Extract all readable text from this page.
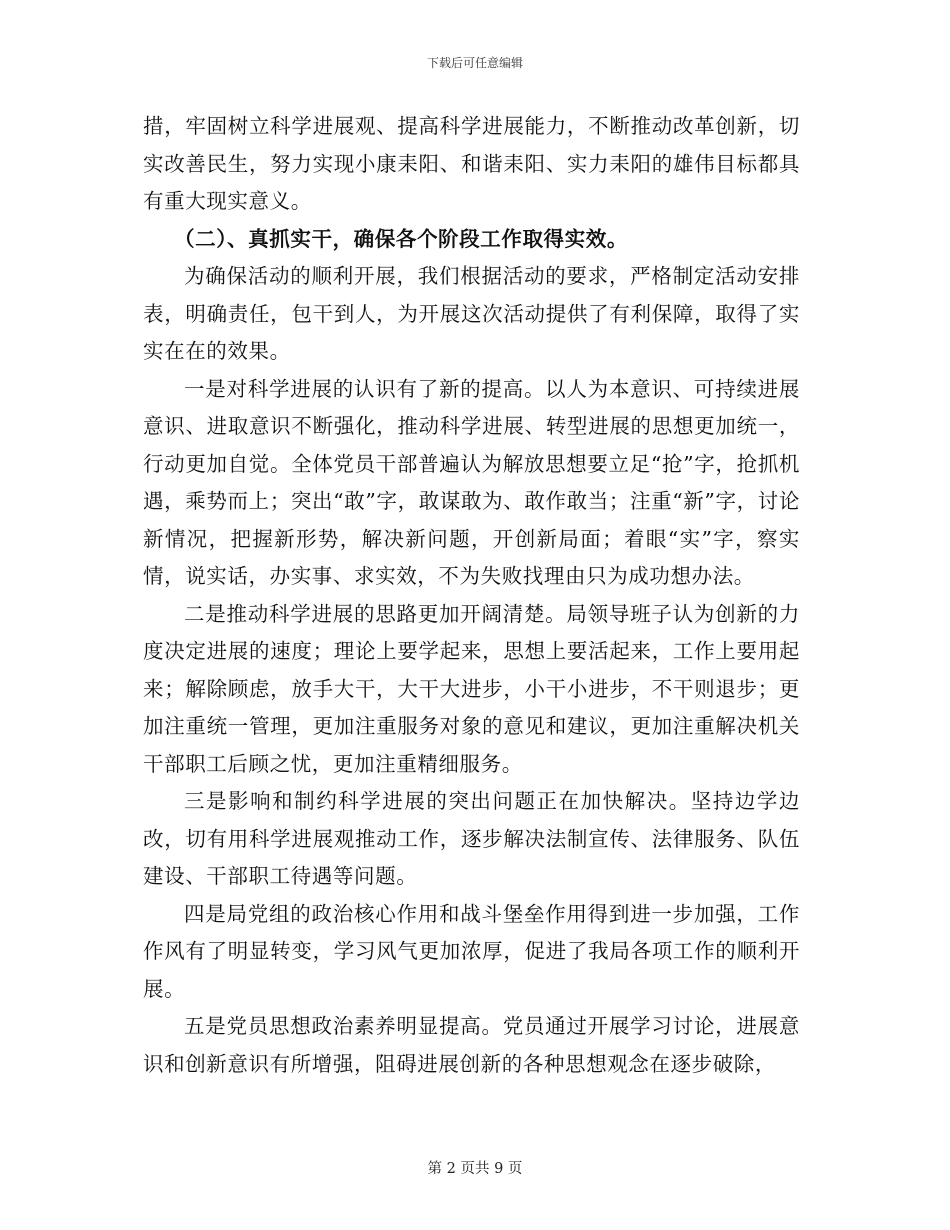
下载后可任意编辑

措，牢固树立科学进展观、提高科学进展能力，不断推动改革创新，切实改善民生，努力实现小康耒阳、和谐耒阳、实力耒阳的雄伟目标都具有重大现实意义。

（二）、真抓实干，确保各个阶段工作取得实效。

为确保活动的顺利开展，我们根据活动的要求，严格制定活动安排表，明确责任，包干到人，为开展这次活动提供了有利保障，取得了实实在在的效果。

一是对科学进展的认识有了新的提高。以人为本意识、可持续进展意识、进取意识不断强化，推动科学进展、转型进展的思想更加统一，行动更加自觉。全体党员干部普遍认为解放思想要立足“抢”字，抢抓机遇，乘势而上；突出“敢”字，敢谋敢为、敢作敢当；注重“新”字，讨论新情况，把握新形势，解决新问题，开创新局面；着眼“实”字，察实情，说实话，办实事、求实效，不为失败找理由只为成功想办法。

二是推动科学进展的思路更加开阔清楚。局领导班子认为创新的力度决定进展的速度；理论上要学起来，思想上要活起来，工作上要用起来；解除顾虑，放手大干，大干大进步，小干小进步，不干则退步；更加注重统一管理，更加注重服务对象的意见和建议，更加注重解决机关干部职工后顾之忧，更加注重精细服务。

三是影响和制约科学进展的突出问题正在加快解决。坚持边学边改，切有用科学进展观推动工作，逐步解决法制宣传、法律服务、队伍建设、干部职工待遇等问题。

四是局党组的政治核心作用和战斗堡垒作用得到进一步加强，工作作风有了明显转变，学习风气更加浓厚，促进了我局各项工作的顺利开展。

五是党员思想政治素养明显提高。党员通过开展学习讨论，进展意识和创新意识有所增强，阻碍进展创新的各种思想观念在逐步破除，

第 2 页共 9 页
